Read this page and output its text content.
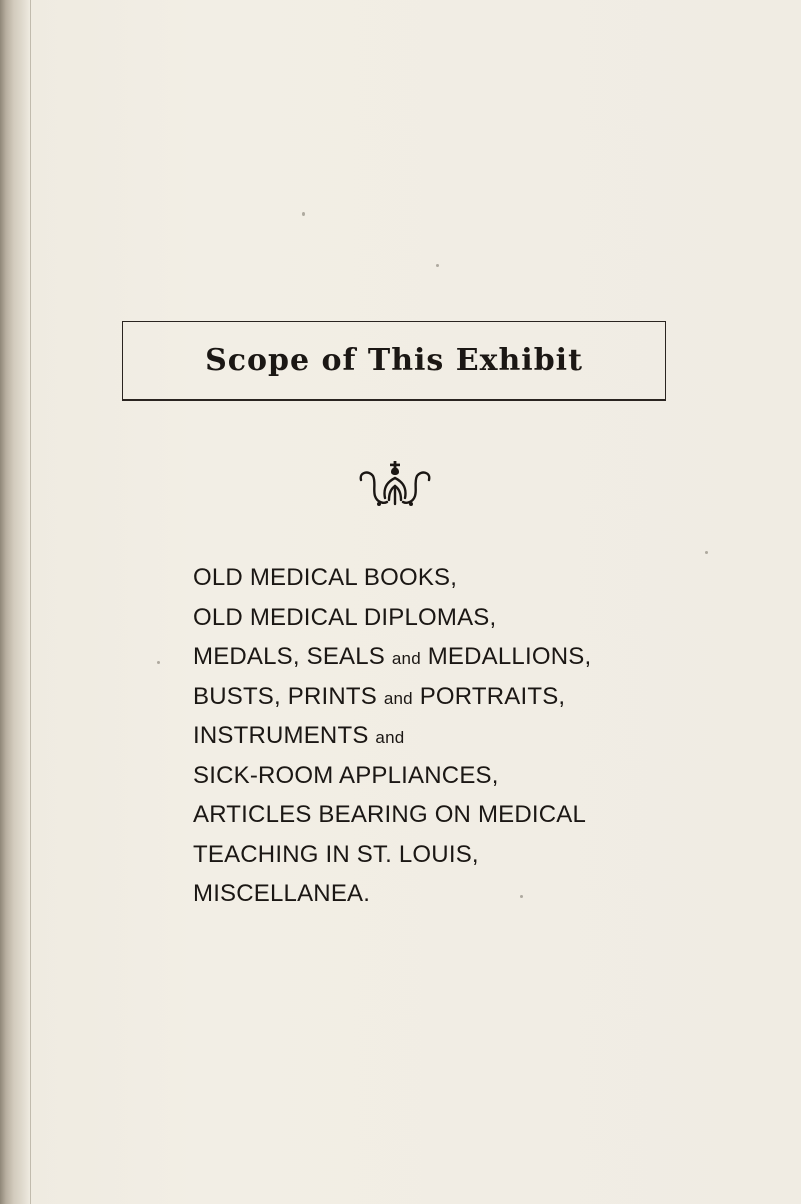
Scope of This Exhibit
OLD MEDICAL BOOKS,
OLD MEDICAL DIPLOMAS,
MEDALS, SEALS and MEDALLIONS,
BUSTS, PRINTS and PORTRAITS,
INSTRUMENTS and
SICK-ROOM APPLIANCES,
ARTICLES BEARING ON MEDICAL
TEACHING IN ST. LOUIS,
MISCELLANEA.
